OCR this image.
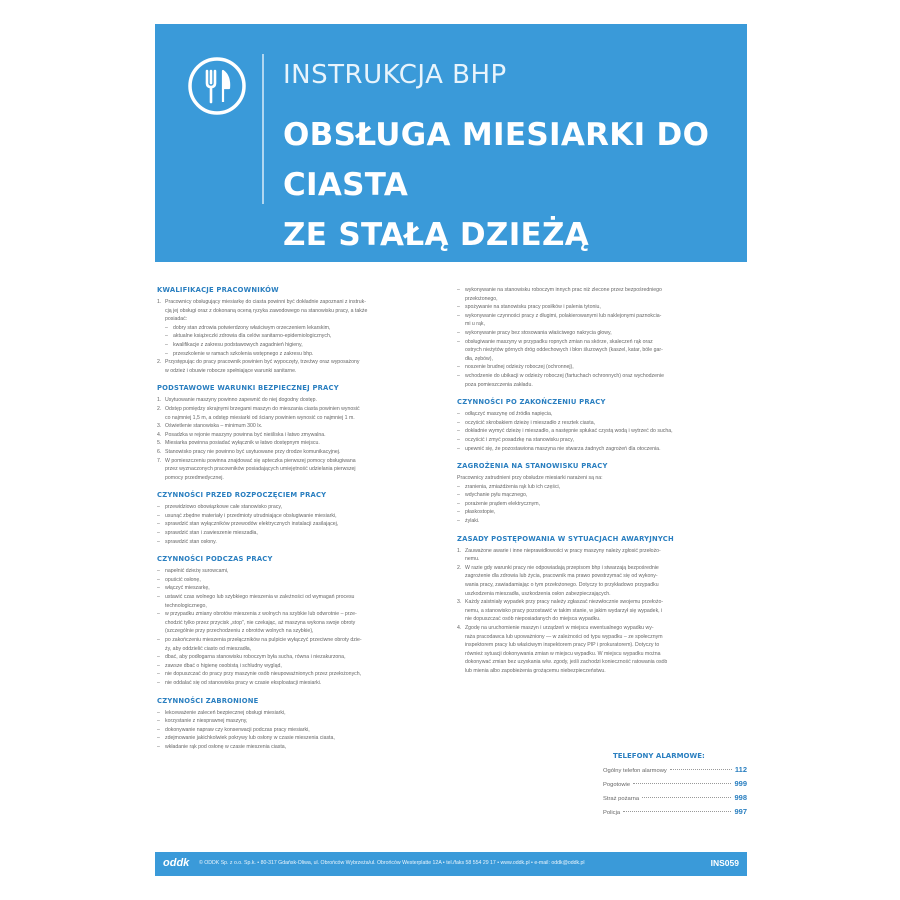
INSTRUKCJA BHP
OBSŁUGA MIESIARKI DO CIASTA
ZE STAŁĄ DZIEŻĄ
KWALIFIKACJE PRACOWNIKÓW
1. Pracownicy obsługujący miesiarkę do ciasta powinni być dokładnie zapoznani z instruk-
cją jej obsługi oraz z dokonaną oceną ryzyka zawodowego na stanowisku pracy, a także
posiadać:
– dobry stan zdrowia potwierdzony właściwym orzeczeniem lekarskim,
– aktualne książeczki zdrowia dla celów sanitarno-epidemiologicznych,
– kwalifikacje z zakresu podstawowych zagadnień higieny,
– przeszkolenie w ramach szkolenia wstępnego z zakresu bhp.
2. Przystępując do pracy pracownik powinien być wypoczęty, trzeźwy oraz wyposażony
w odzież i obuwie robocze spełniające warunki sanitarne.
PODSTAWOWE WARUNKI BEZPIECZNEJ PRACY
1. Usytuowanie maszyny powinno zapewnić do niej dogodny dostęp.
2. Odstęp pomiędzy skrajnymi brzegami maszyn do mieszania ciasta powinien wynosić
co najmniej 1,5 m, a odstęp miesiarki od ściany powinien wynosić co najmniej 1 m.
3. Oświetlenie stanowiska – minimum 300 lx.
4. Posadzka w rejonie maszyny powinna być nieśliska i łatwo zmywalna.
5. Miesiarka powinna posiadać wyłącznik w łatwo dostępnym miejscu.
6. Stanowisko pracy nie powinno być usytuowane przy drodze komunikacyjnej.
7. W pomieszczeniu powinna znajdować się apteczka pierwszej pomocy obsługiwana
przez wyznaczonych pracowników posiadających umiejętność udzielania pierwszej
pomocy przedmedycznej.
CZYNNOŚCI PRZED ROZPOCZĘCIEM PRACY
– przewidziowo obowiązkowe całe stanowisko pracy,
– usunąć zbędne materiały i przedmioty utrudniające obsługiwanie miesiarki,
– sprawdzić stan wyłączników przewodów elektrycznych instalacji zasilającej,
– sprawdzić stan i zawieszenie mieszadła,
– sprawdzić stan osłony.
CZYNNOŚCI PODCZAS PRACY
– napełnić dzieżę surowcami,
– opuścić osłonę,
– włączyć mieszarkę,
– ustawić czas wolnego lub szybkiego mieszenia w zależności od wymagań procesu
technologicznego,
– w przypadku zmiany obrotów mieszenia z wolnych na szybkie lub odwrotnie – prze-
chodzić tylko przez przycisk „stop”, nie czekając, aż maszyna wykona swoje obroty
(szczególnie przy przechodzeniu z obrotów wolnych na szybkie),
– po zakończeniu mieszenia przełączników na pulpicie wyłączyć przeciwne obroty dzie-
ży, aby oddzielić ciasto od mieszadła,
– dbać, aby podłogarna stanowisku roboczym była sucha, równa i niezakurzona,
– zawsze dbać o higienę osobistą i schludny wygląd,
– nie dopuszczać do pracy przy maszynie osób nieupoważnionych przez przełożonych,
– nie oddalać się od stanowiska pracy w czasie eksploatacji miesiarki.
CZYNNOŚCI ZABRONIONE
– lekceważenie zaleceń bezpiecznej obsługi miesiarki,
– korzystanie z niesprawnej maszyny,
– dokonywanie napraw czy konserwacji podczas pracy miesiarki,
– zdejmowanie jakichkolwiek pokrywy lub osłony w czasie mieszenia ciasta,
– wkładanie rąk pod osłonę w czasie mieszenia ciasta,
– wykonywanie na stanowisku roboczym innych prac niż zlecone przez bezpośredniego
przełożonego,
– spożywanie na stanowisku pracy posiłków i palenia tytoniu,
– wykonywanie czynności pracy z długimi, polakierowanymi lub naklejonymi paznokcia-
mi u rąk,
– wykonywanie pracy bez stosowania właściwego nakrycia głowy,
– obsługiwanie maszyny w przypadku ropnych zmian na skórze, skaleczeń rąk oraz
ostrych nieżytów górnych dróg oddechowych i błon śluzowych (kaszel, katar, bóle gar-
dła, zębów),
– noszenie brudnej odzieży roboczej (ochronnej),
– wchodzenie do ubikacji w odzieży roboczej (fartuchach ochronnych) oraz wychodzenie
poza pomieszczenia zakładu.
CZYNNOŚCI PO ZAKOŃCZENIU PRACY
– odłączyć maszynę od źródła napięcia,
– oczyścić skrobakiem dzieżę i mieszadło z resztek ciasta,
– dokładnie wymyć dzieżę i mieszadło, a następnie spłukać czystą wodą i wytrzeć do sucha,
– oczyścić i zmyć posadzkę na stanowisku pracy,
– upewnić się, że pozostawiona maszyna nie stwarza żadnych zagrożeń dla otoczenia.
ZAGROŻENIA NA STANOWISKU PRACY
Pracownicy zatrudnieni przy obsłudze miesiarki narażeni są na:
– zranienia, zmiażdżenia rąk lub ich części,
– wdychanie pyłu mącznego,
– porażenie prądem elektrycznym,
– płaskostopie,
– żylaki.
ZASADY POSTĘPOWANIA W SYTUACJACH AWARYJNYCH
1. Zauważone awarie i inne nieprawidłowości w pracy maszyny należy zgłosić przełożo-
nemu.
2. W razie gdy warunki pracy nie odpowiadają przepisom bhp i stwarzają bezpośrednie
zagrożenie dla zdrowia lub życia, pracownik ma prawo powstrzymać się od wykony-
wania pracy, zawiadamiając o tym przełożonego. Dotyczy to przykładowo przypadku
uszkodzenia mieszadła, uszkodzenia osłon zabezpieczających.
3. Każdy zaistniały wypadek przy pracy należy zgłaszać niezwłocznie swojemu przełożo-
nemu, a stanowisko pracy pozostawić w takim stanie, w jakim wydarzył się wypadek, i
nie dopuszczać osób nieposiadanych do miejsca wypadku.
4. Zgodę na uruchomienie maszyn i urządzeń w miejscu ewentualnego wypadku wy-
raża pracodawca lub upoważniony — w zależności od typu wypadku – ze społecznym
inspektorem pracy lub właściwym inspektorem pracy PIP i prokuratorem). Dotyczy to
również sytuacji dokonywania zmian w miejscu wypadku. W miejscu wypadku można
dokonywać zmian bez uzyskania w/w. zgody, jeśli zachodzi konieczność ratowania osób
lub mienia albo zapobieżenia grożącemu niebezpieczeństwu.
TELEFONY ALARMOWE:
Ogólny telefon alarmowy	112
Pogotowie	999
Straż pożarna	998
Policja	997
oddk © ODDK Sp. z o.o. Sp.k. • 80-317 Gdańsk-Oliwa, ul. Obrońców Wybrzeża/ul. Obrońców Westerplatte 12A • tel./faks 58 554 29 17 • www.oddk.pl • e-mail: oddk@oddk.pl	INS059
